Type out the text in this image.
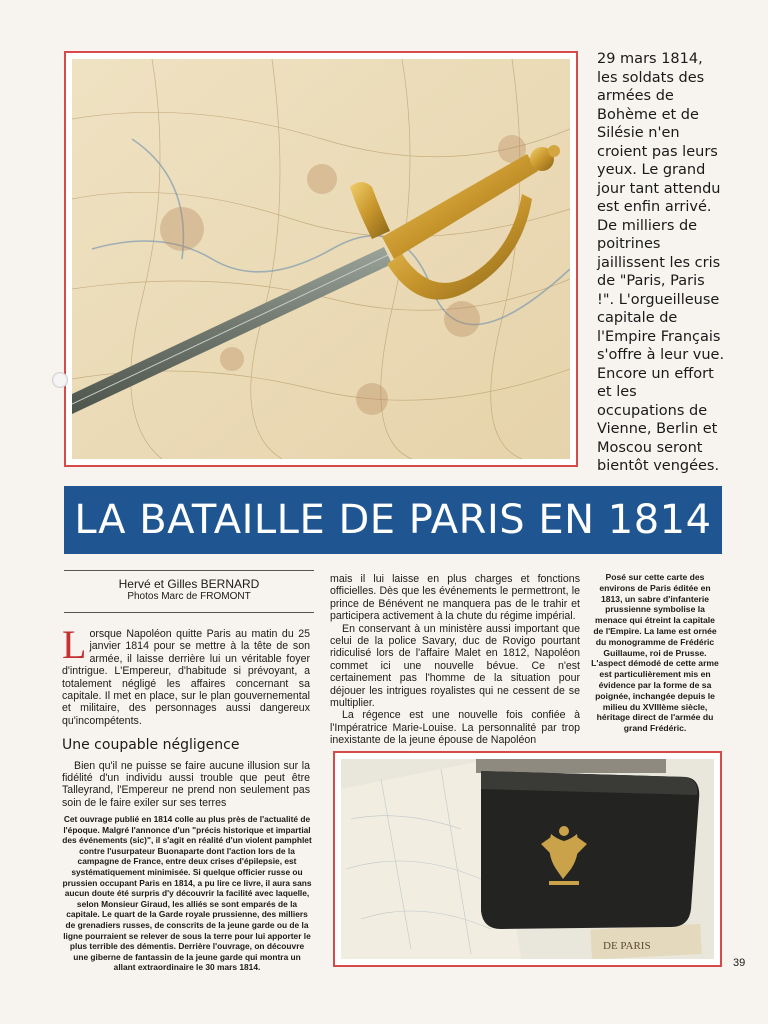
29 mars 1814, les soldats des armées de Bohème et de Silésie n'en croient pas leurs yeux. Le grand jour tant attendu est enfin arrivé. De milliers de poitrines jaillissent les cris de "Paris, Paris !". L'orgueilleuse capitale de l'Empire Français s'offre à leur vue. Encore un effort et les occupations de Vienne, Berlin et Moscou seront bientôt vengées.
LA BATAILLE DE PARIS EN 1814
Hervé et Gilles BERNARD
Photos Marc de FROMONT
L orsque Napoléon quitte Paris au matin du 25 janvier 1814 pour se mettre à la tête de son armée, il laisse derrière lui un véritable foyer d'intrigue. L'Empereur, d'habitude si prévoyant, a totalement négligé les affaires concernant sa capitale. Il met en place, sur le plan gouvernemental et militaire, des personnages aussi dangereux qu'incompétents.

Une coupable négligence

Bien qu'il ne puisse se faire aucune illusion sur la fidélité d'un individu aussi trouble que peut être Talleyrand, l'Empereur ne prend non seulement pas soin de le faire exiler sur ses terres

mais il lui laisse en plus charges et fonctions officielles. Dès que les événements le permettront, le prince de Bénévent ne manquera pas de le trahir et participera activement à la chute du régime impérial.

En conservant à un ministère aussi important que celui de la police Savary, duc de Rovigo pourtant ridiculisé lors de l'affaire Malet en 1812, Napoléon commet ici une nouvelle bévue. Ce n'est certainement pas l'homme de la situation pour déjouer les intrigues royalistes qui ne cessent de se multiplier.

La régence est une nouvelle fois confiée à l'Impératrice Marie-Louise. La personnalité par trop inexistante de la jeune épouse de Napoléon

Posé sur cette carte des environs de Paris éditée en 1813, un sabre d'infanterie prussienne symbolise la menace qui étreint la capitale de l'Empire. La lame est ornée du monogramme de Frédéric Guillaume, roi de Prusse. L'aspect démodé de cette arme est particulièrement mis en évidence par la forme de sa poignée, inchangée depuis le milieu du XVIIIème siècle, héritage direct de l'armée du grand Frédéric.
Cet ouvrage publié en 1814 colle au plus près de l'actualité de l'époque. Malgré l'annonce d'un "précis historique et impartial des événements (sic)", il s'agit en réalité d'un violent pamphlet contre l'usurpateur Buonaparte dont l'action lors de la campagne de France, entre deux crises d'épilepsie, est systématiquement minimisée. Si quelque officier russe ou prussien occupant Paris en 1814, a pu lire ce livre, il aura sans aucun doute été surpris d'y découvrir la facilité avec laquelle, selon Monsieur Giraud, les alliés se sont emparés de la capitale. Le quart de la Garde royale prussienne, des milliers de grenadiers russes, de conscrits de la jeune garde ou de la ligne pourraient se relever de sous la terre pour lui apporter le plus terrible des démentis. Derrière l'ouvrage, on découvre une giberne de fantassin de la jeune garde qui montra un allant extraordinaire le 30 mars 1814.
DE PARIS
39
